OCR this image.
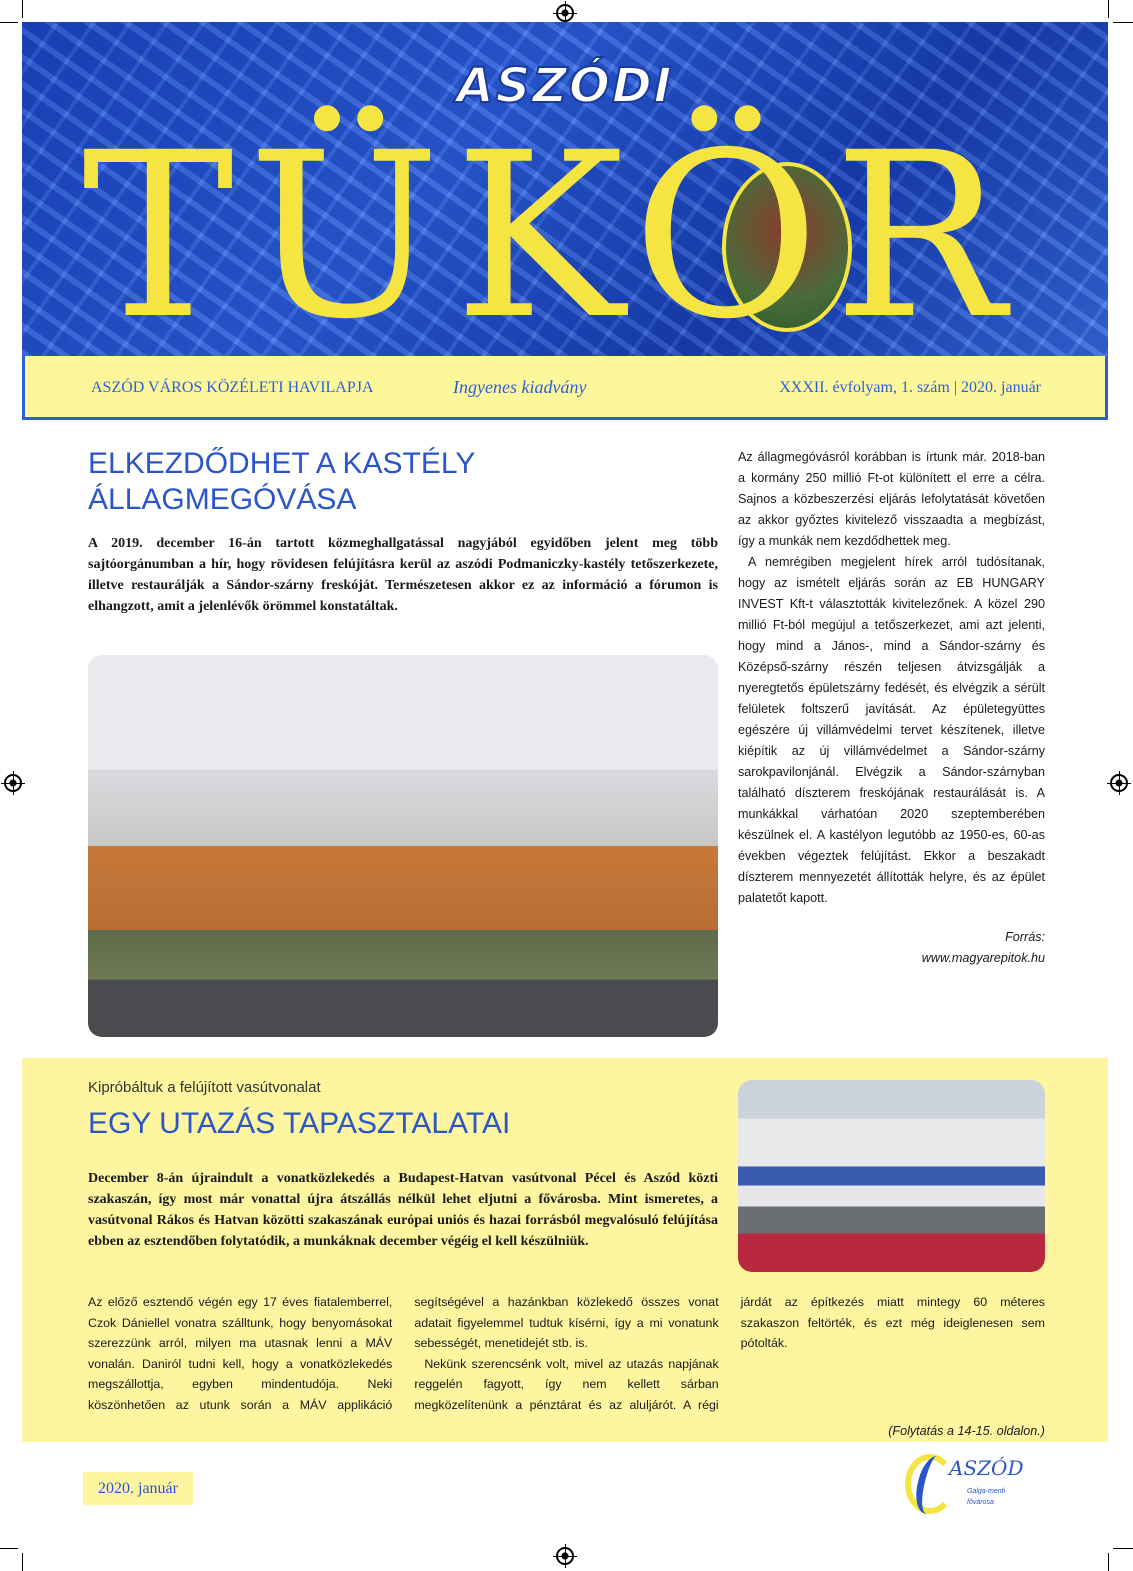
TÜKÖR
ASZÓDI
ASZÓD VÁROS KÖZÉLETI HAVILAPJA	Ingyenes kiadvány	XXXII. évfolyam, 1. szám | 2020. január
ELKEZDŐDHET A KASTÉLY
ÁLLAGMEGÓVÁSA
A 2019. december 16-án tartott közmeghallgatással nagyjából egyidőben jelent meg több sajtóorgánumban a hír, hogy rövidesen felújításra kerül az aszódi Podmaniczky-kastély tetőszerkezete, illetve restaurálják a Sándor-szárny freskóját. Természetesen akkor ez az információ a fórumon is elhangzott, amit a jelenlévők örömmel konstatáltak.

Az állagmegóvásról korábban is írtunk már. 2018-ban a kormány 250 millió Ft-ot különített el erre a célra. Sajnos a közbeszerzési eljárás lefolytatását követően az akkor győztes kivitelező visszaadta a megbízást, így a munkák nem kezdődhettek meg.

A nemrégiben megjelent hírek arról tudósítanak, hogy az ismételt eljárás során az EB HUNGARY INVEST Kft-t választották kivitelezőnek. A közel 290 millió Ft-ból megújul a tetőszerkezet, ami azt jelenti, hogy mind a János-, mind a Sándor-szárny és Középső-szárny részén teljesen átvizsgálják a nyeregtetős épületszárny fedését, és elvégzik a sérült felületek foltszerű javítását. Az épületegyüttes egészére új villámvédelmi tervet készítenek, illetve kiépítik az új villámvédelmet a Sándor-szárny sarokpavilonjánál. Elvégzik a Sándor-szárnyban található díszterem freskójának restaurálását is. A munkákkal várhatóan 2020 szeptemberében készülnek el. A kastélyon legutóbb az 1950-es, 60-as években végeztek felújítást. Ekkor a beszakadt díszterem mennyezetét állították helyre, és az épület palatetőt kapott.

Forrás:
www.magyarepitok.hu
Kipróbáltuk a felújított vasútvonalat
EGY UTAZÁS TAPASZTALATAI
December 8-án újraindult a vonatközlekedés a Budapest-Hatvan vasútvonal Pécel és Aszód közti szakaszán, így most már vonattal újra átszállás nélkül lehet eljutni a fővárosba. Mint ismeretes, a vasútvonal Rákos és Hatvan közötti szakaszának európai uniós és hazai forrásból megvalósuló felújítása ebben az esztendőben folytatódik, a munkáknak december végéig el kell készülniük.

Az előző esztendő végén egy 17 éves fiatalemberrel, Czok Dániellel vonatra szálltunk, hogy benyomásokat szerezzünk arról, milyen ma utasnak lenni a MÁV vonalán. Daniról tudni kell, hogy a vonatközlekedés megszállottja, egyben mindentudója. Neki köszönhetően az utunk során a MÁV applikáció segítségével a hazánkban közlekedő összes vonat adatait figyelemmel tudtuk kísérni, így a mi vonatunk sebességét, menetidejét stb. is.

Nekünk szerencsénk volt, mivel az utazás napjának reggelén fagyott, így nem kellett sárban megközelítenünk a pénztárat és az aluljárót. A régi járdát az építkezés miatt mintegy 60 méteres szakaszon feltörték, és ezt még ideiglenesen sem pótolták.

(Folytatás a 14-15. oldalon.)
2020. január
ASZÓD
Galga-menti fővárosa
